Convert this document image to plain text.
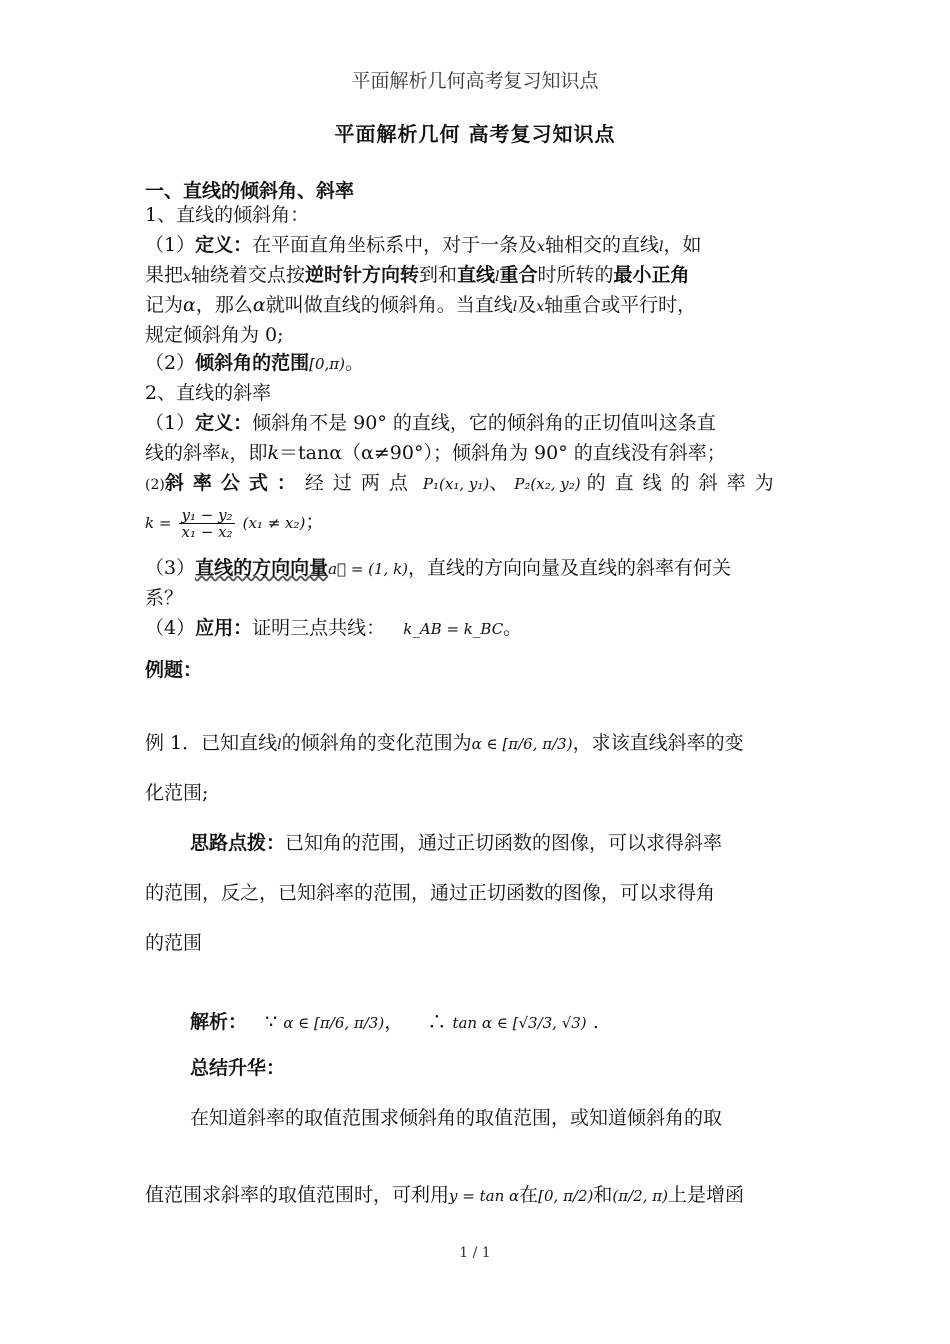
平面解析几何高考复习知识点
平面解析几何 高考复习知识点
一、直线的倾斜角、斜率
1、直线的倾斜角：
（1）定义：在平面直角坐标系中，对于一条及x轴相交的直线l，如
果把x轴绕着交点按逆时针方向转到和直线l重合时所转的最小正角
记为α，那么α就叫做直线的倾斜角。当直线l及x轴重合或平行时，
规定倾斜角为 0;
（2）倾斜角的范围[0,π)。
2、直线的斜率
（1）定义：倾斜角不是 90° 的直线，它的倾斜角的正切值叫这条直
线的斜率k，即k＝tanα（α≠90°）；倾斜角为 90° 的直线没有斜率；
(2)斜率公式：经过两点 P₁(x₁, y₁)、 P₂(x₂, y₂) 的直线的斜率为
$k = \frac{\text{y₁ − y₂}}{\text{x₁ − x₂}} (x_1 \ne x_2)$；
（3）直线的方向向量a⃗ = (1, k)，直线的方向向量及直线的斜率有何关
系？
（4）应用：证明三点共线： k_AB = k_BC。
例题：
例 1．已知直线l的倾斜角的变化范围为α ∈ [π/6, π/3)，求该直线斜率的变
化范围;
思路点拨：已知角的范围，通过正切函数的图像，可以求得斜率
的范围，反之，已知斜率的范围，通过正切函数的图像，可以求得角
的范围
解析： ∵ α ∈ [π/6, π/3)， ∴ tan α ∈ [√3/3, √3) .
总结升华：
在知道斜率的取值范围求倾斜角的取值范围，或知道倾斜角的取
值范围求斜率的取值范围时，可利用y = tan α在[0, π/2)和(π/2, π)上是增函
1 / 1
